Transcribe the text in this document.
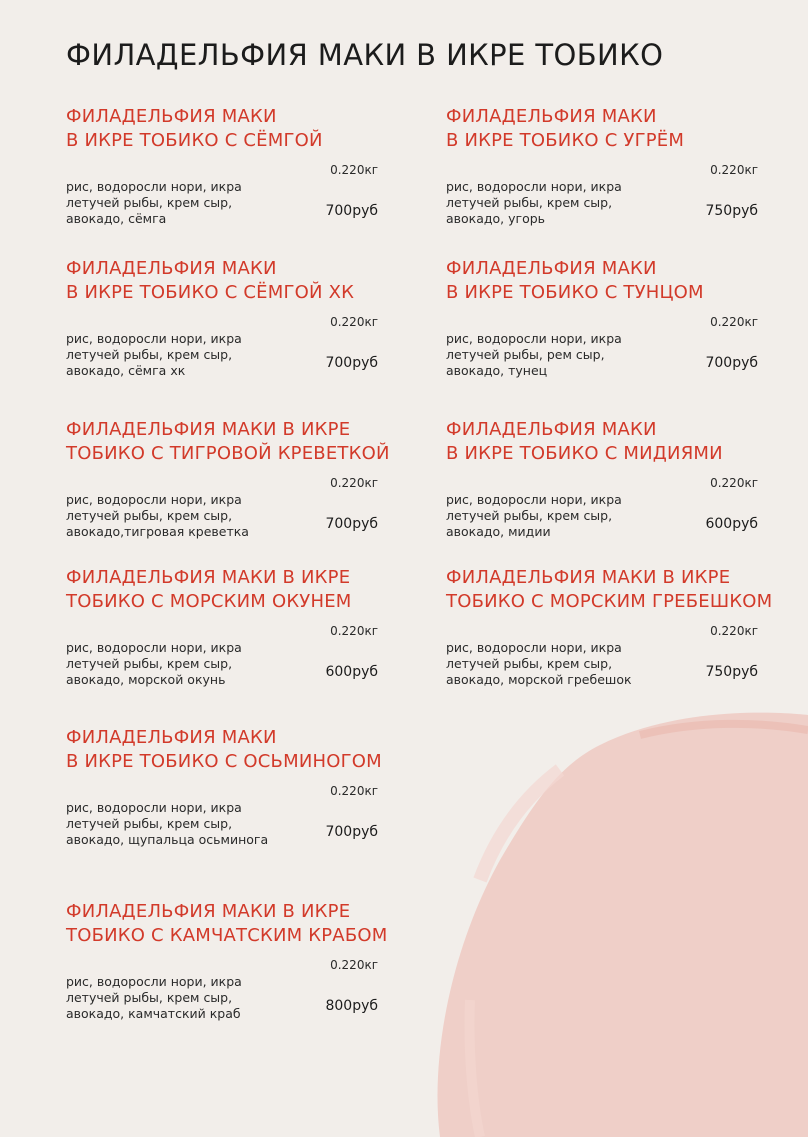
ФИЛАДЕЛЬФИЯ МАКИ В ИКРЕ ТОБИКО
ФИЛАДЕЛЬФИЯ МАКИ
В ИКРЕ ТОБИКО С СЁМГОЙ
0.220кг
рис, водоросли нори, икра
летучей рыбы, крем сыр,
авокадо, сёмга	700руб
ФИЛАДЕЛЬФИЯ МАКИ
В ИКРЕ ТОБИКО С УГРЁМ
0.220кг
рис, водоросли нори, икра
летучей рыбы, крем сыр,
авокадо, угорь	750руб
ФИЛАДЕЛЬФИЯ МАКИ
В ИКРЕ ТОБИКО С СЁМГОЙ ХК
0.220кг
рис, водоросли нори, икра
летучей рыбы, крем сыр,
авокадо, сёмга хк	700руб
ФИЛАДЕЛЬФИЯ МАКИ
В ИКРЕ ТОБИКО С ТУНЦОМ
0.220кг
рис, водоросли нори, икра
летучей рыбы, рем сыр,
авокадо, тунец	700руб
ФИЛАДЕЛЬФИЯ МАКИ В ИКРЕ
ТОБИКО С ТИГРОВОЙ КРЕВЕТКОЙ
0.220кг
рис, водоросли нори, икра
летучей рыбы, крем сыр,
авокадо,тигровая креветка	700руб
ФИЛАДЕЛЬФИЯ МАКИ
В ИКРЕ ТОБИКО С МИДИЯМИ
0.220кг
рис, водоросли нори, икра
летучей рыбы, крем сыр,
авокадо, мидии	600руб
ФИЛАДЕЛЬФИЯ МАКИ В ИКРЕ
ТОБИКО С МОРСКИМ ОКУНЕМ
0.220кг
рис, водоросли нори, икра
летучей рыбы, крем сыр,
авокадо, морской окунь	600руб
ФИЛАДЕЛЬФИЯ МАКИ В ИКРЕ
ТОБИКО С МОРСКИМ ГРЕБЕШКОМ
0.220кг
рис, водоросли нори, икра
летучей рыбы, крем сыр,
авокадо, морской гребешок	750руб
ФИЛАДЕЛЬФИЯ МАКИ
В ИКРЕ ТОБИКО С ОСЬМИНОГОМ
0.220кг
рис, водоросли нори, икра
летучей рыбы, крем сыр,
авокадо, щупальца осьминога	700руб
ФИЛАДЕЛЬФИЯ МАКИ В ИКРЕ
ТОБИКО С КАМЧАТСКИМ КРАБОМ
0.220кг
рис, водоросли нори, икра
летучей рыбы, крем сыр,
авокадо, камчатский краб	800руб
